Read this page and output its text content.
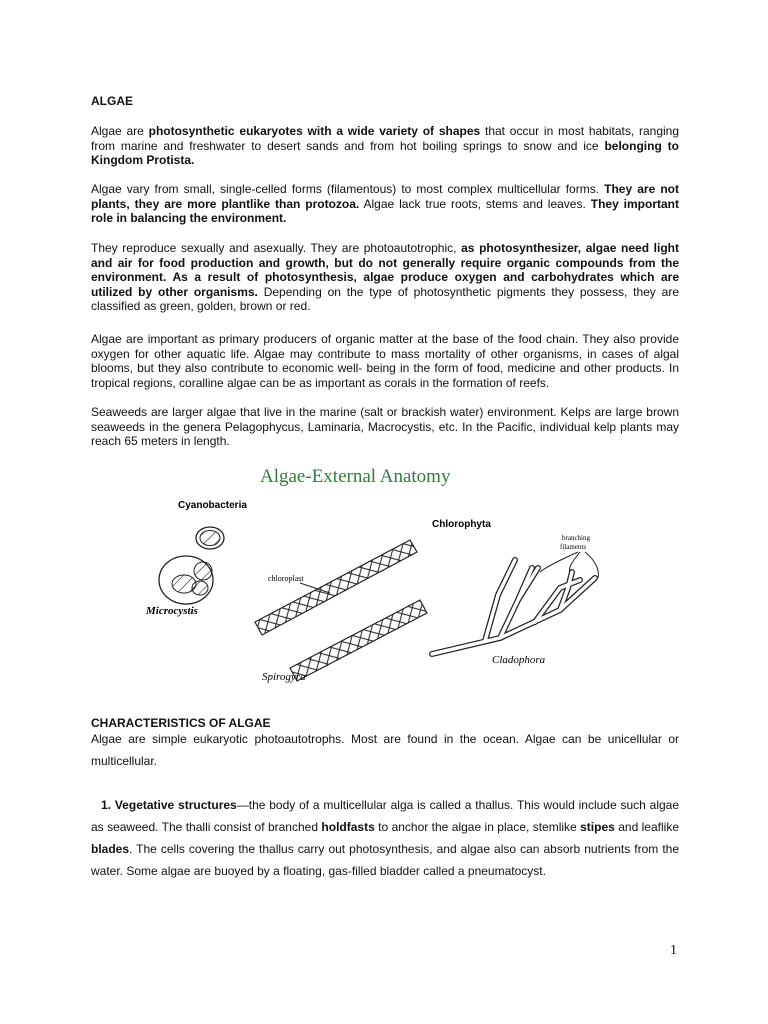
ALGAE

Algae are photosynthetic eukaryotes with a wide variety of shapes that occur in most habitats, ranging from marine and freshwater to desert sands and from hot boiling springs to snow and ice belonging to Kingdom Protista.

Algae vary from small, single-celled forms (filamentous) to most complex multicellular forms. They are not plants, they are more plantlike than protozoa. Algae lack true roots, stems and leaves. They important role in balancing the environment.

They reproduce sexually and asexually. They are photoautotrophic, as photosynthesizer, algae need light and air for food production and growth, but do not generally require organic compounds from the environment. As a result of photosynthesis, algae produce oxygen and carbohydrates which are utilized by other organisms. Depending on the type of photosynthetic pigments they possess, they are classified as green, golden, brown or red.

Algae are important as primary producers of organic matter at the base of the food chain. They also provide oxygen for other aquatic life. Algae may contribute to mass mortality of other organisms, in cases of algal blooms, but they also contribute to economic well- being in the form of food, medicine and other products. In tropical regions, coralline algae can be as important as corals in the formation of reefs.

Seaweeds are larger algae that live in the marine (salt or brackish water) environment. Kelps are large brown seaweeds in the genera Pelagophycus, Laminaria, Macrocystis, etc. In the Pacific, individual kelp plants may reach 65 meters in length.

Algae-External Anatomy
Cyanobacteria
Microcystis
chloroplast
Spirogyra
Chlorophyta
branching
filaments
Cladophora
CHARACTERISTICS OF ALGAE

Algae are simple eukaryotic photoautotrophs. Most are found in the ocean. Algae can be unicellular or multicellular.

1. Vegetative structures—the body of a multicellular alga is called a thallus. This would include such algae as seaweed. The thalli consist of branched holdfasts to anchor the algae in place, stemlike stipes and leaflike blades. The cells covering the thallus carry out photosynthesis, and algae also can absorb nutrients from the water. Some algae are buoyed by a floating, gas-filled bladder called a pneumatocyst.

1
